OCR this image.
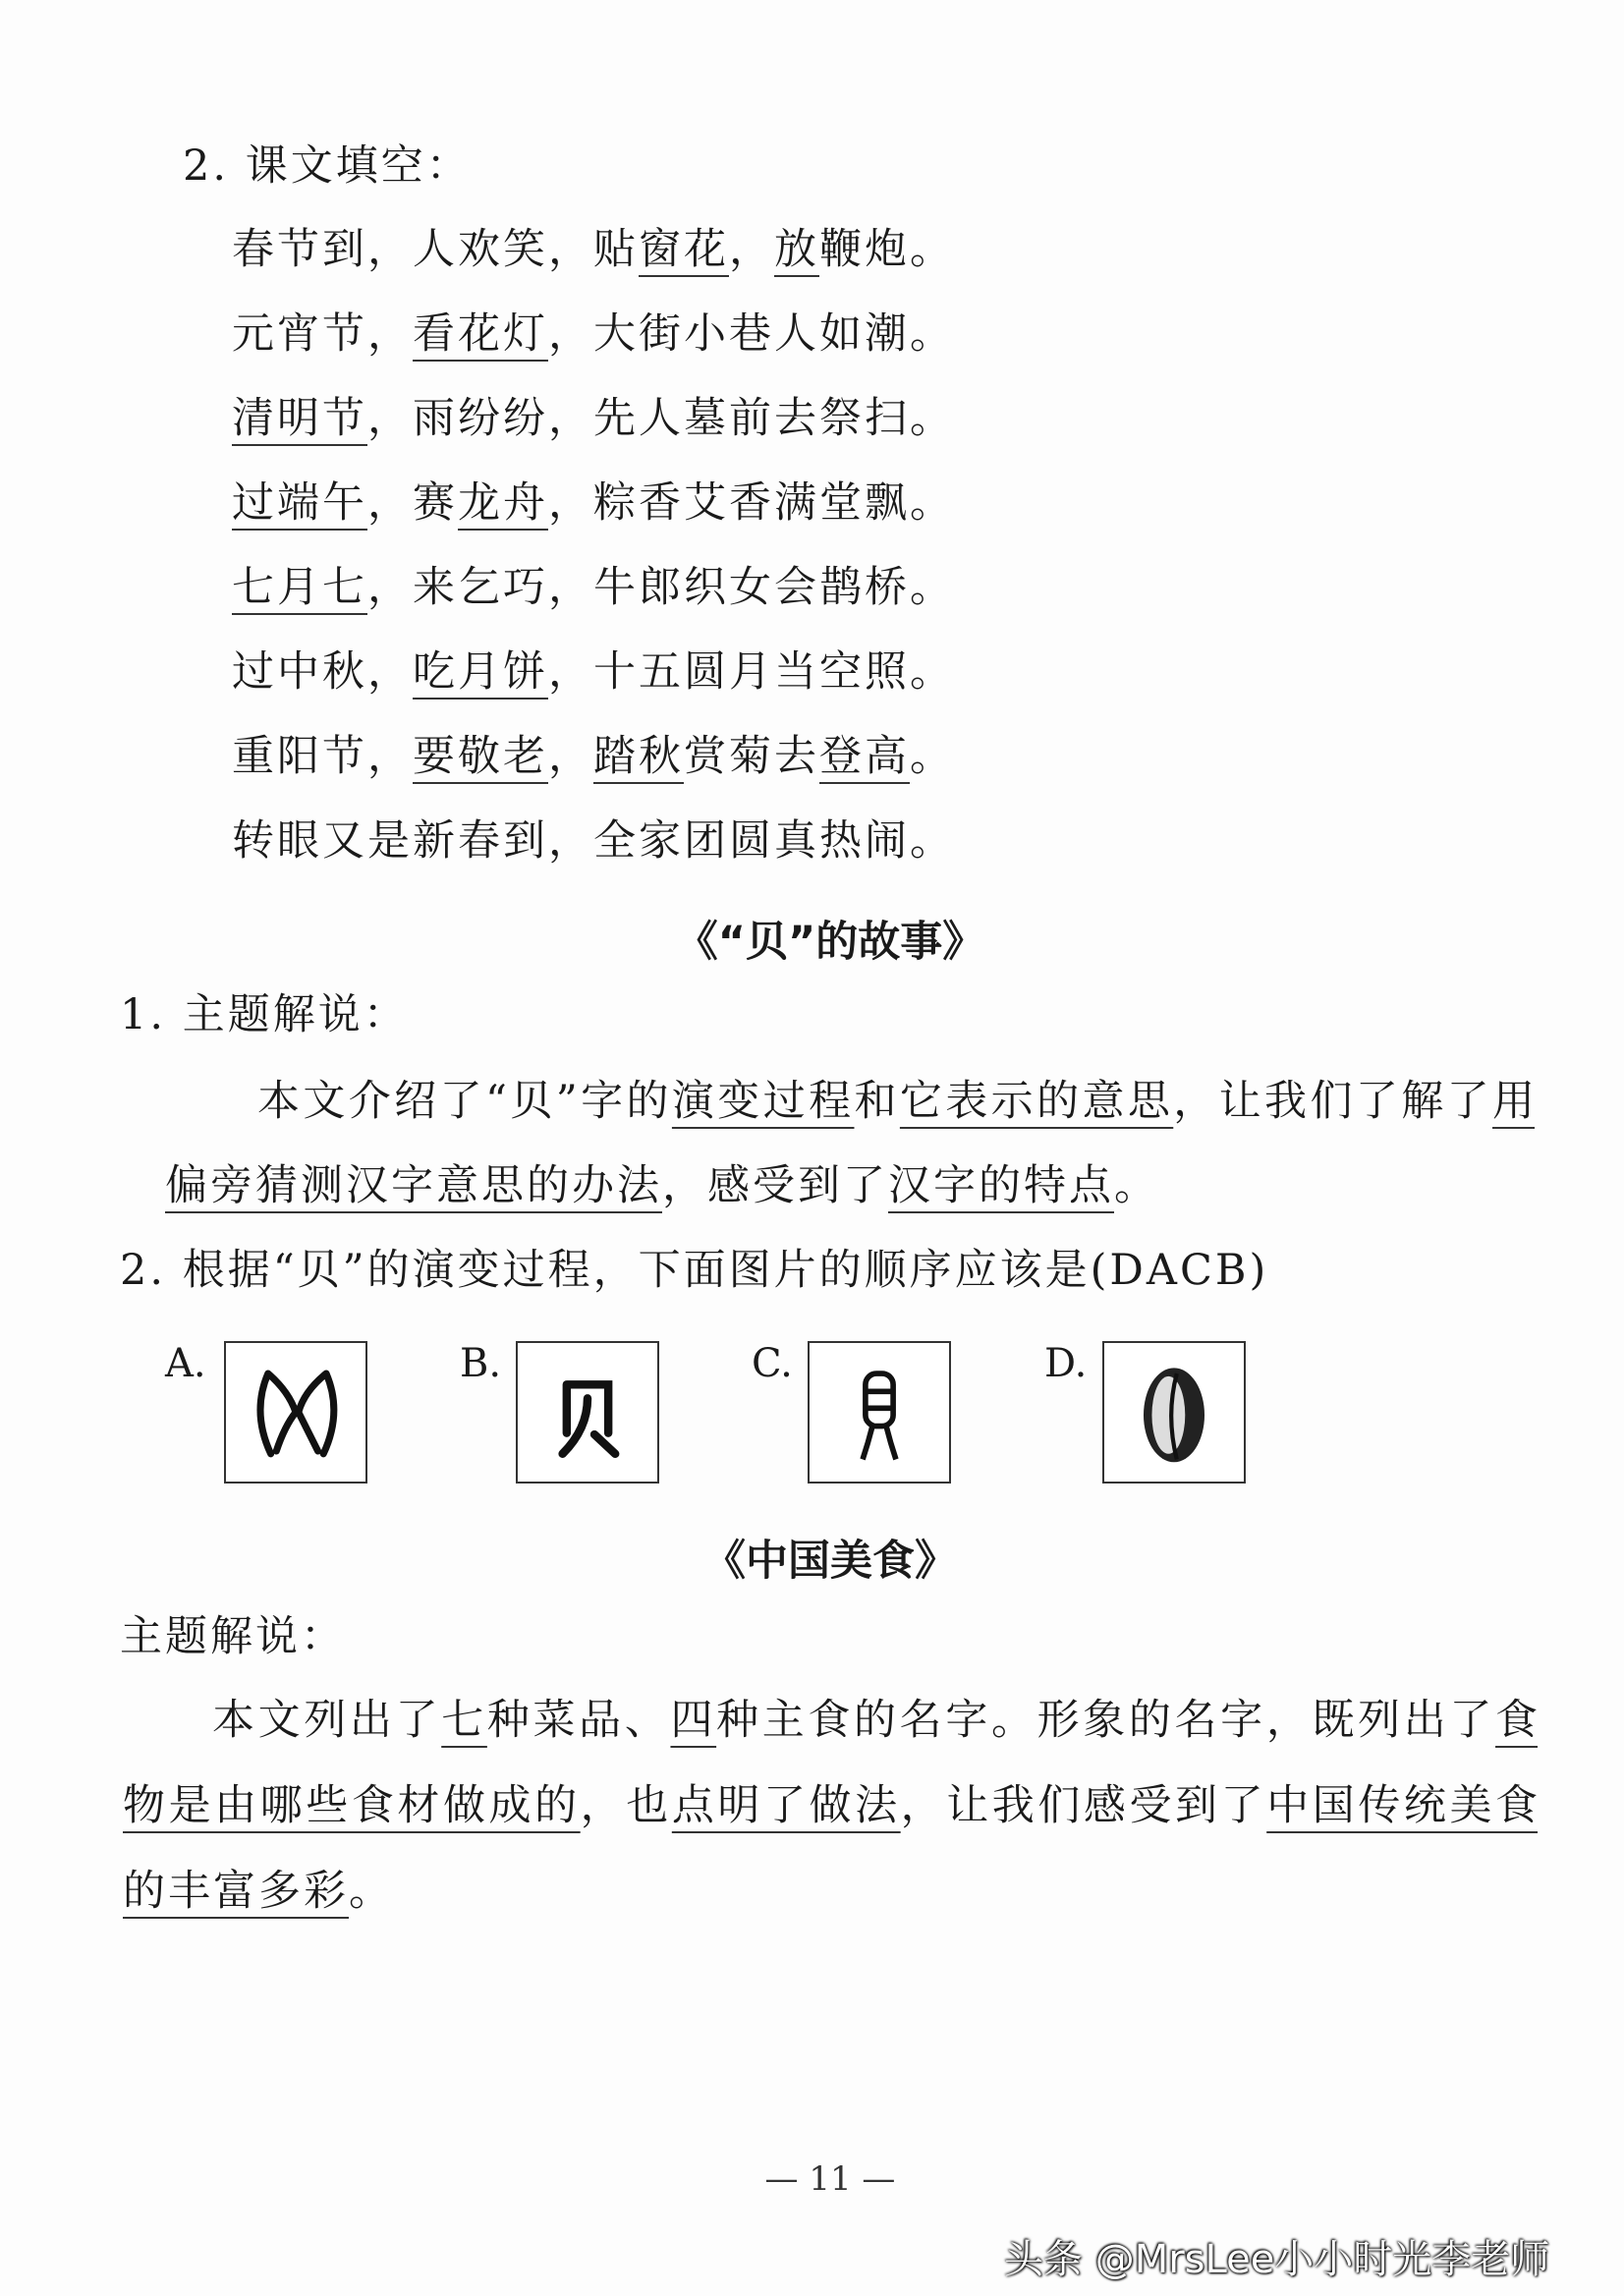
2. 课文填空：
春节到，人欢笑，贴窗花，放鞭炮。
元宵节，看花灯，大街小巷人如潮。
清明节，雨纷纷，先人墓前去祭扫。
过端午，赛龙舟，粽香艾香满堂飘。
七月七，来乞巧，牛郎织女会鹊桥。
过中秋，吃月饼，十五圆月当空照。
重阳节，要敬老，踏秋赏菊去登高。
转眼又是新春到，全家团圆真热闹。
《“贝”的故事》
1. 主题解说：
本文介绍了“贝”字的演变过程和它表示的意思，让我们了解了用
偏旁猜测汉字意思的办法，感受到了汉字的特点。
2. 根据“贝”的演变过程，下面图片的顺序应该是(DACB)
A.	B.	C.	D.
《中国美食》
主题解说：
本文列出了七种菜品、四种主食的名字。形象的名字，既列出了食
物是由哪些食材做成的，也点明了做法，让我们感受到了中国传统美食
的丰富多彩。
— 11 —
头条 @MrsLee小小时光李老师
